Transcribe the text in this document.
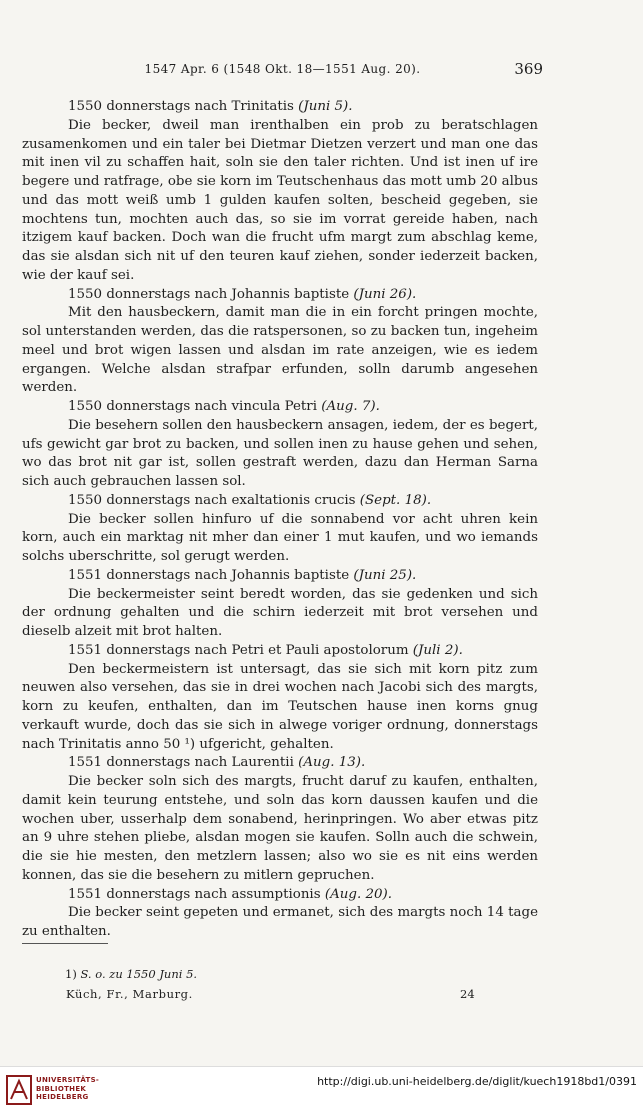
1547 Apr. 6 (1548 Okt. 18—1551 Aug. 20).	369

1550 donnerstags nach Trinitatis (Juni 5).

Die becker, dweil man irenthalben ein prob zu beratschlagen zusamenkomen und ein taler bei Dietmar Dietzen verzert und man one das mit inen vil zu schaffen hait, soln sie den taler richten. Und ist inen uf ire begere und ratfrage, obe sie korn im Teutschenhaus das mott umb 20 albus und das mott weiß umb 1 gulden kaufen solten, bescheid gegeben, sie mochtens tun, mochten auch das, so sie im vorrat gereide haben, nach itzigem kauf backen. Doch wan die frucht ufm margt zum abschlag keme, das sie alsdan sich nit uf den teuren kauf ziehen, sonder iederzeit backen, wie der kauf sei.

1550 donnerstags nach Johannis baptiste (Juni 26).

Mit den hausbeckern, damit man die in ein forcht pringen mochte, sol unterstanden werden, das die ratspersonen, so zu backen tun, ingeheim meel und brot wigen lassen und alsdan im rate anzeigen, wie es iedem ergangen. Welche alsdan strafpar erfunden, solln darumb angesehen werden.

1550 donnerstags nach vincula Petri (Aug. 7).

Die besehern sollen den hausbeckern ansagen, iedem, der es begert, ufs gewicht gar brot zu backen, und sollen inen zu hause gehen und sehen, wo das brot nit gar ist, sollen gestraft werden, dazu dan Herman Sarna sich auch gebrauchen lassen sol.

1550 donnerstags nach exaltationis crucis (Sept. 18).

Die becker sollen hinfuro uf die sonnabend vor acht uhren kein korn, auch ein marktag nit mher dan einer 1 mut kaufen, und wo iemands solchs uberschritte, sol gerugt werden.

1551 donnerstags nach Johannis baptiste (Juni 25).

Die beckermeister seint beredt worden, das sie gedenken und sich der ordnung gehalten und die schirn iederzeit mit brot versehen und dieselb alzeit mit brot halten.

1551 donnerstags nach Petri et Pauli apostolorum (Juli 2).

Den beckermeistern ist untersagt, das sie sich mit korn pitz zum neuwen also versehen, das sie in drei wochen nach Jacobi sich des margts, korn zu keufen, enthalten, dan im Teutschen hause inen korns gnug verkauft wurde, doch das sie sich in alwege voriger ordnung, donnerstags nach Trinitatis anno 50 ¹) ufgericht, gehalten.

1551 donnerstags nach Laurentii (Aug. 13).

Die becker soln sich des margts, frucht daruf zu kaufen, enthalten, damit kein teurung entstehe, und soln das korn daussen kaufen und die wochen uber, usserhalp dem sonabend, herinpringen. Wo aber etwas pitz an 9 uhre stehen pliebe, alsdan mogen sie kaufen. Solln auch die schwein, die sie hie mesten, den metzlern lassen; also wo sie es nit eins werden konnen, das sie die besehern zu mitlern gepruchen.

1551 donnerstags nach assumptionis (Aug. 20).

Die becker seint gepeten und ermanet, sich des margts noch 14 tage zu enthalten.

1) S. o. zu 1550 Juni 5.
Küch, Fr., Marburg.	24
UNIVERSITÄTS-
BIBLIOTHEK
HEIDELBERG
http://digi.ub.uni-heidelberg.de/diglit/kuech1918bd1/0391
